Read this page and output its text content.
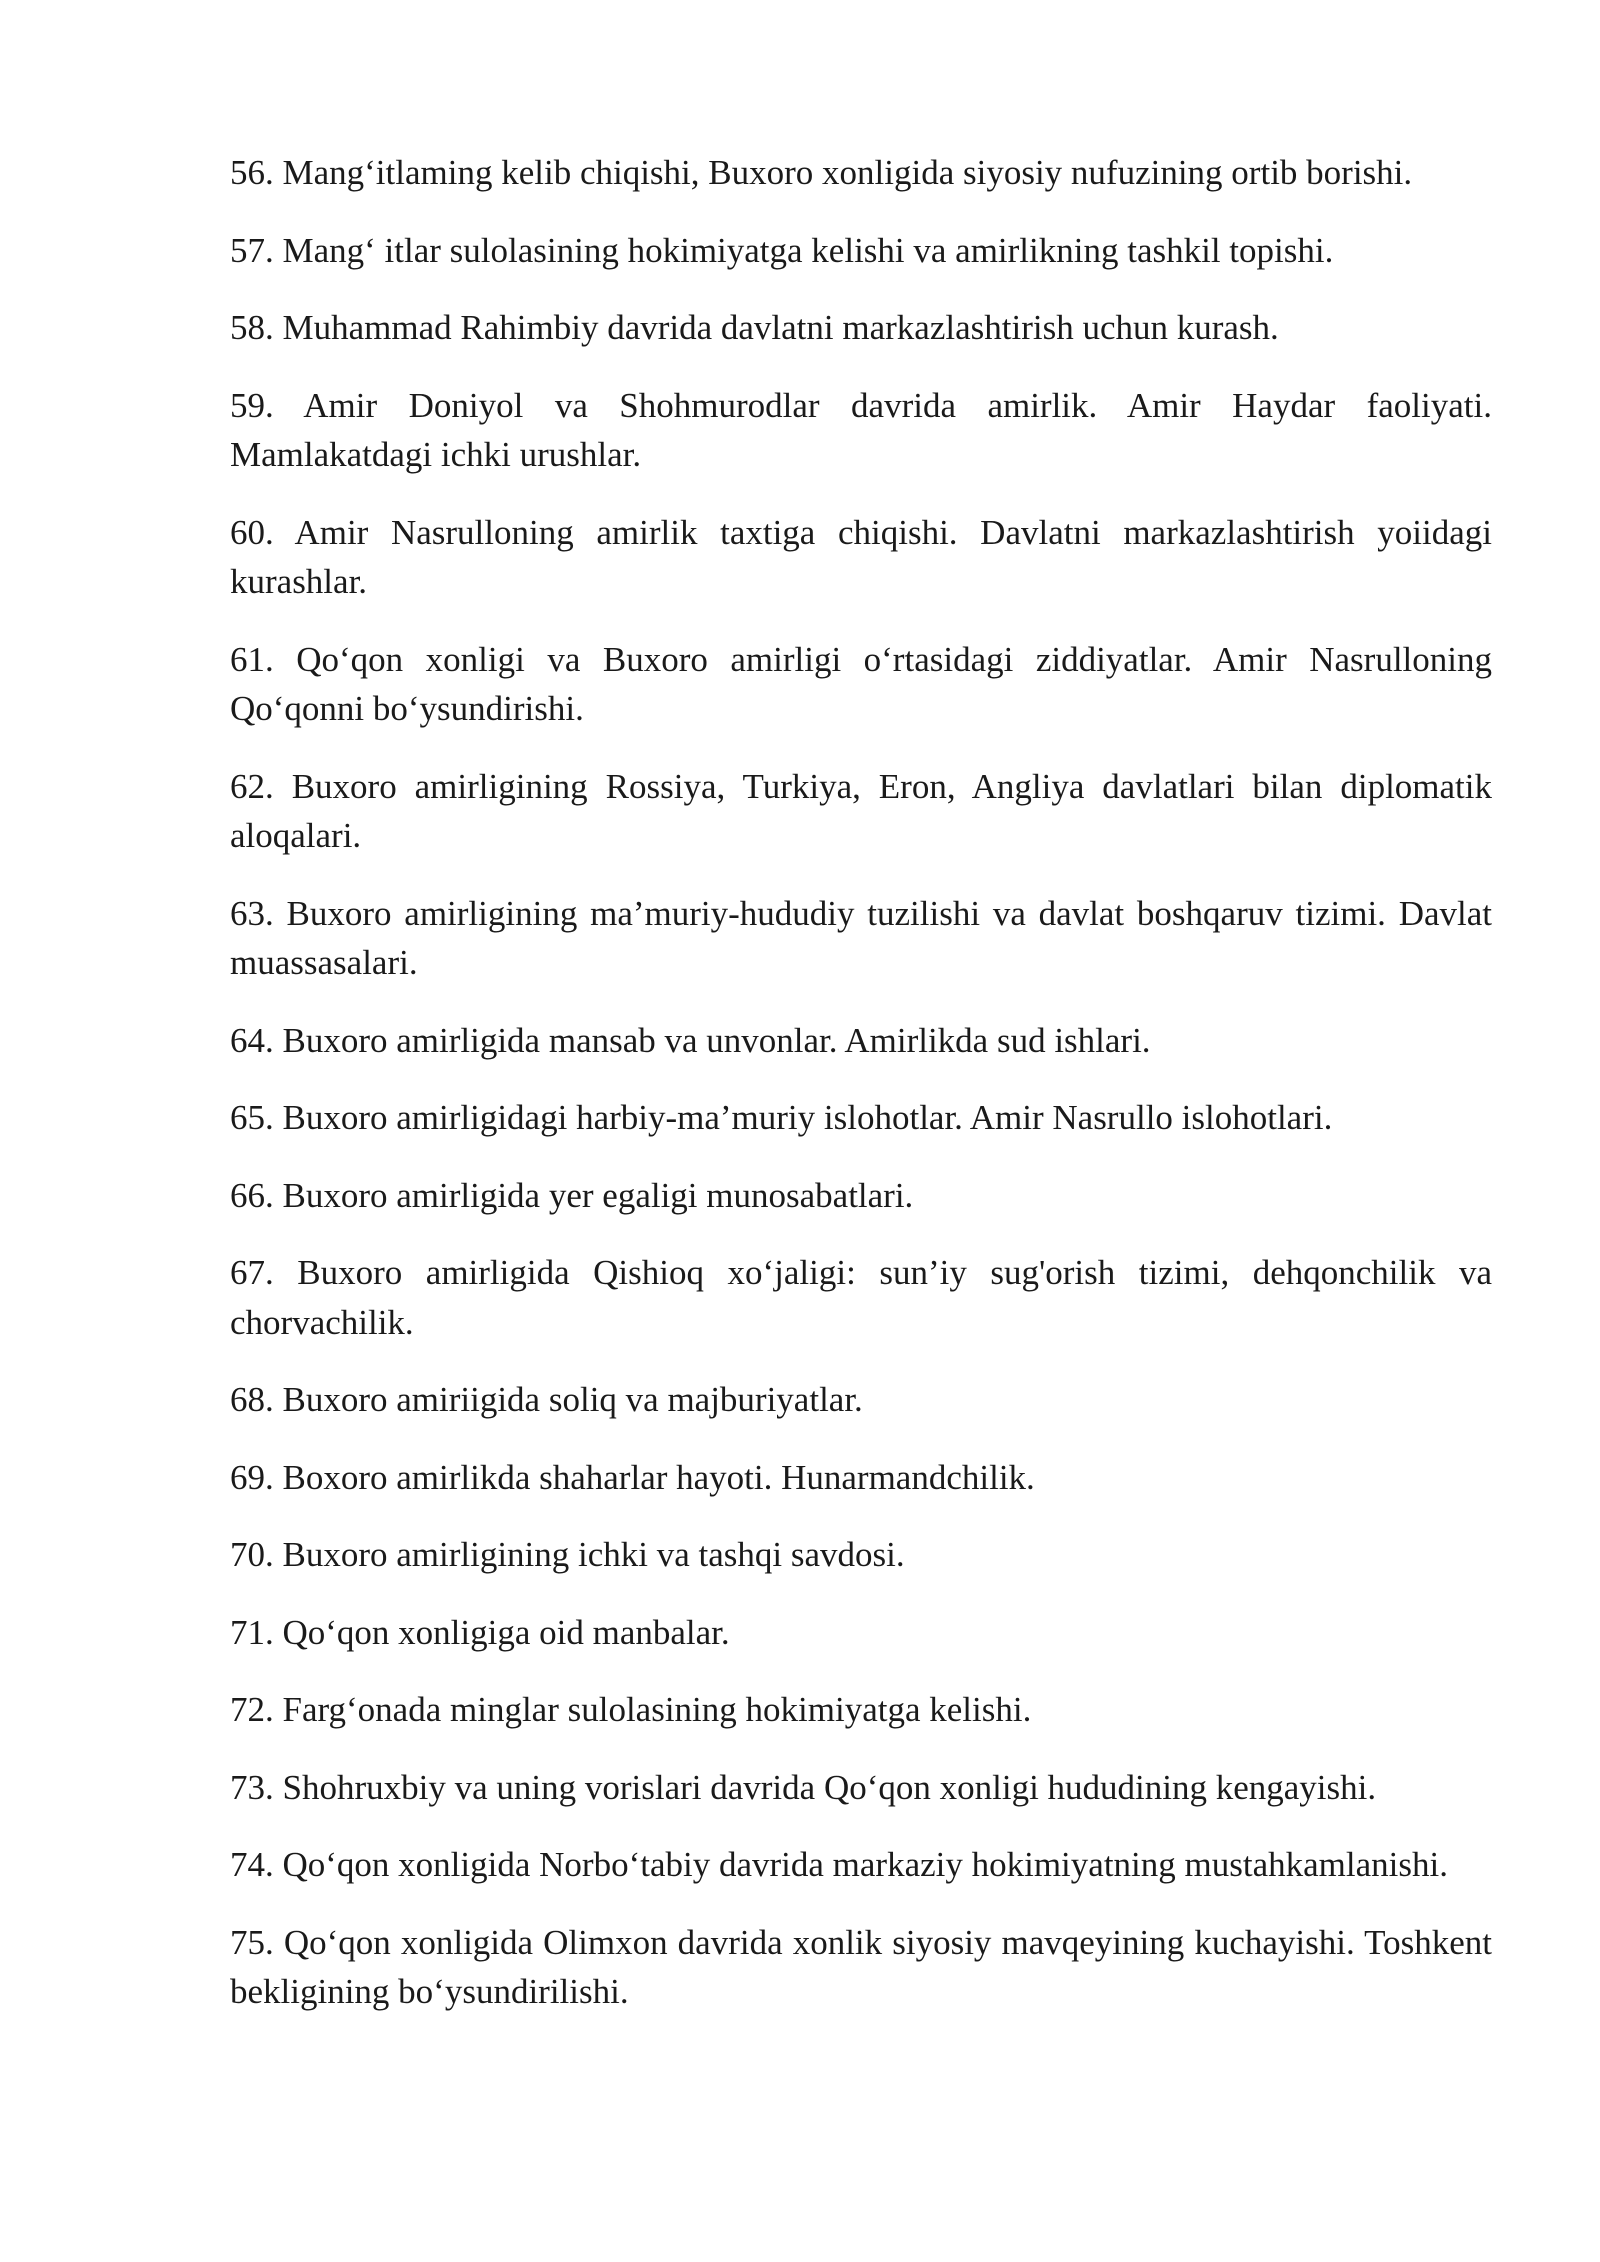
56. Mang‘itlaming kelib chiqishi, Buxoro xonligida siyosiy nufuzining ortib borishi.

57. Mang‘ itlar sulolasining hokimiyatga kelishi va amirlikning tashkil topishi.

58. Muhammad Rahimbiy davrida davlatni markazlashtirish uchun kurash.

59. Amir Doniyol va Shohmurodlar davrida amirlik. Amir Haydar faoliyati. Mamlakatdagi ichki urushlar.

60. Amir Nasrulloning amirlik taxtiga chiqishi. Davlatni markazlashtirish yoiidagi kurashlar.

61. Qo‘qon xonligi va Buxoro amirligi o‘rtasidagi ziddiyatlar. Amir Nasrulloning Qo‘qonni bo‘ysundirishi.

62. Buxoro amirligining Rossiya, Turkiya, Eron, Angliya davlatlari bilan diplomatik aloqalari.

63. Buxoro amirligining ma’muriy-hududiy tuzilishi va davlat boshqaruv tizimi. Davlat muassasalari.

64. Buxoro amirligida mansab va unvonlar. Amirlikda sud ishlari.

65. Buxoro amirligidagi harbiy-ma’muriy islohotlar. Amir Nasrullo islohotlari.

66. Buxoro amirligida yer egaligi munosabatlari.

67. Buxoro amirligida Qishioq xo‘jaligi: sun’iy sug'orish tizimi, dehqonchilik va chorvachilik.

68. Buxoro amiriigida soliq va majburiyatlar.

69. Boxoro amirlikda shaharlar hayoti. Hunarmandchilik.

70. Buxoro amirligining ichki va tashqi savdosi.

71. Qo‘qon xonligiga oid manbalar.

72. Farg‘onada minglar sulolasining hokimiyatga kelishi.

73. Shohruxbiy va uning vorislari davrida Qo‘qon xonligi hududining kengayishi.

74. Qo‘qon xonligida Norbo‘tabiy davrida markaziy hokimiyatning mustahkamlanishi.

75. Qo‘qon xonligida Olimxon davrida xonlik siyosiy mavqeyining kuchayishi. Toshkent bekligining bo‘ysundirilishi.
